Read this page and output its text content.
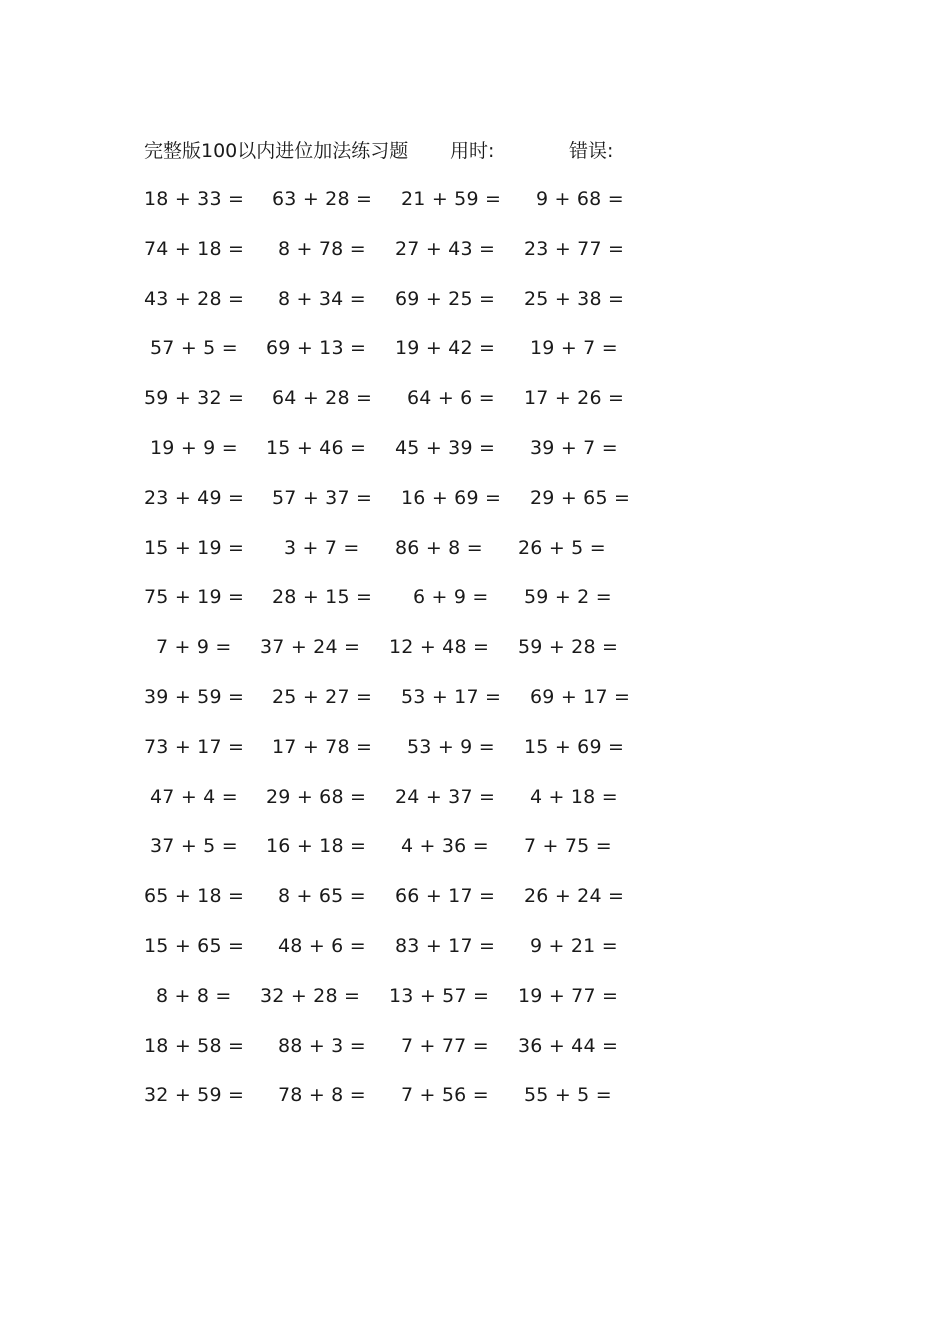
完整版100以内进位加法练习题 用时:	错误:
18 + 33 = 63 + 28 = 21 + 59 = 9 + 68 =
74 + 18 = 8 + 78 = 27 + 43 = 23 + 77 =
43 + 28 = 8 + 34 = 69 + 25 = 25 + 38 =
57 + 5 = 69 + 13 = 19 + 42 = 19 + 7 =
59 + 32 = 64 + 28 = 64 + 6 = 17 + 26 =
19 + 9 = 15 + 46 = 45 + 39 = 39 + 7 =
23 + 49 = 57 + 37 = 16 + 69 = 29 + 65 =
15 + 19 = 3 + 7 = 86 + 8 = 26 + 5 =
75 + 19 = 28 + 15 = 6 + 9 = 59 + 2 =
7 + 9 = 37 + 24 = 12 + 48 = 59 + 28 =
39 + 59 = 25 + 27 = 53 + 17 = 69 + 17 =
73 + 17 = 17 + 78 = 53 + 9 = 15 + 69 =
47 + 4 = 29 + 68 = 24 + 37 = 4 + 18 =
37 + 5 = 16 + 18 = 4 + 36 = 7 + 75 =
65 + 18 = 8 + 65 = 66 + 17 = 26 + 24 =
15 + 65 = 48 + 6 = 83 + 17 = 9 + 21 =
8 + 8 = 32 + 28 = 13 + 57 = 19 + 77 =
18 + 58 = 88 + 3 = 7 + 77 = 36 + 44 =
32 + 59 = 78 + 8 = 7 + 56 = 55 + 5 =
